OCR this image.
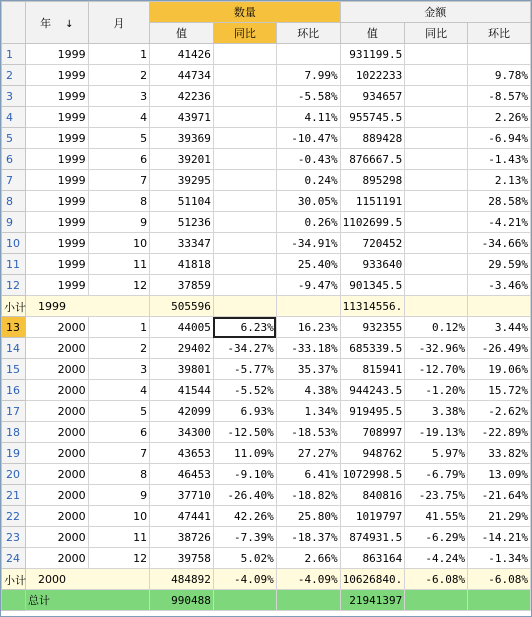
	年 ↓	月	数量			金额		
			值	同比	环比	值	同比	环比
1	1999	1	41426			931199.5		
2	1999	2	44734		7.99%	1022233		9.78%
3	1999	3	42236		-5.58%	934657		-8.57%
4	1999	4	43971		4.11%	955745.5		2.26%
5	1999	5	39369		-10.47%	889428		-6.94%
6	1999	6	39201		-0.43%	876667.5		-1.43%
7	1999	7	39295		0.24%	895298		2.13%
8	1999	8	51104		30.05%	1151191		28.58%
9	1999	9	51236		0.26%	1102699.5		-4.21%
10	1999	10	33347		-34.91%	720452		-34.66%
11	1999	11	41818		25.40%	933640		29.59%
12	1999	12	37859		-9.47%	901345.5		-3.46%

	小计 1999		505596			11314556.		
13	2000	1	44005	6.23%	16.23%	932355	0.12%	3.44%
14	2000	2	29402	-34.27%	-33.18%	685339.5	-32.96%	-26.49%
15	2000	3	39801	-5.77%	35.37%	815941	-12.70%	19.06%
16	2000	4	41544	-5.52%	4.38%	944243.5	-1.20%	15.72%
17	2000	5	42099	6.93%	1.34%	919495.5	3.38%	-2.62%
18	2000	6	34300	-12.50%	-18.53%	708997	-19.13%	-22.89%
19	2000	7	43653	11.09%	27.27%	948762	5.97%	33.82%
20	2000	8	46453	-9.10%	6.41%	1072998.5	-6.79%	13.09%
21	2000	9	37710	-26.40%	-18.82%	840816	-23.75%	-21.64%
22	2000	10	47441	42.26%	25.80%	1019797	41.55%	21.29%
23	2000	11	38726	-7.39%	-18.37%	874931.5	-6.29%	-14.21%
24	2000	12	39758	5.02%	2.66%	863164	-4.24%	-1.34%

	小计 2000		484892	-4.09%	-4.09%	10626840.	-6.08%	-6.08%
	总计		990488			21941397		
